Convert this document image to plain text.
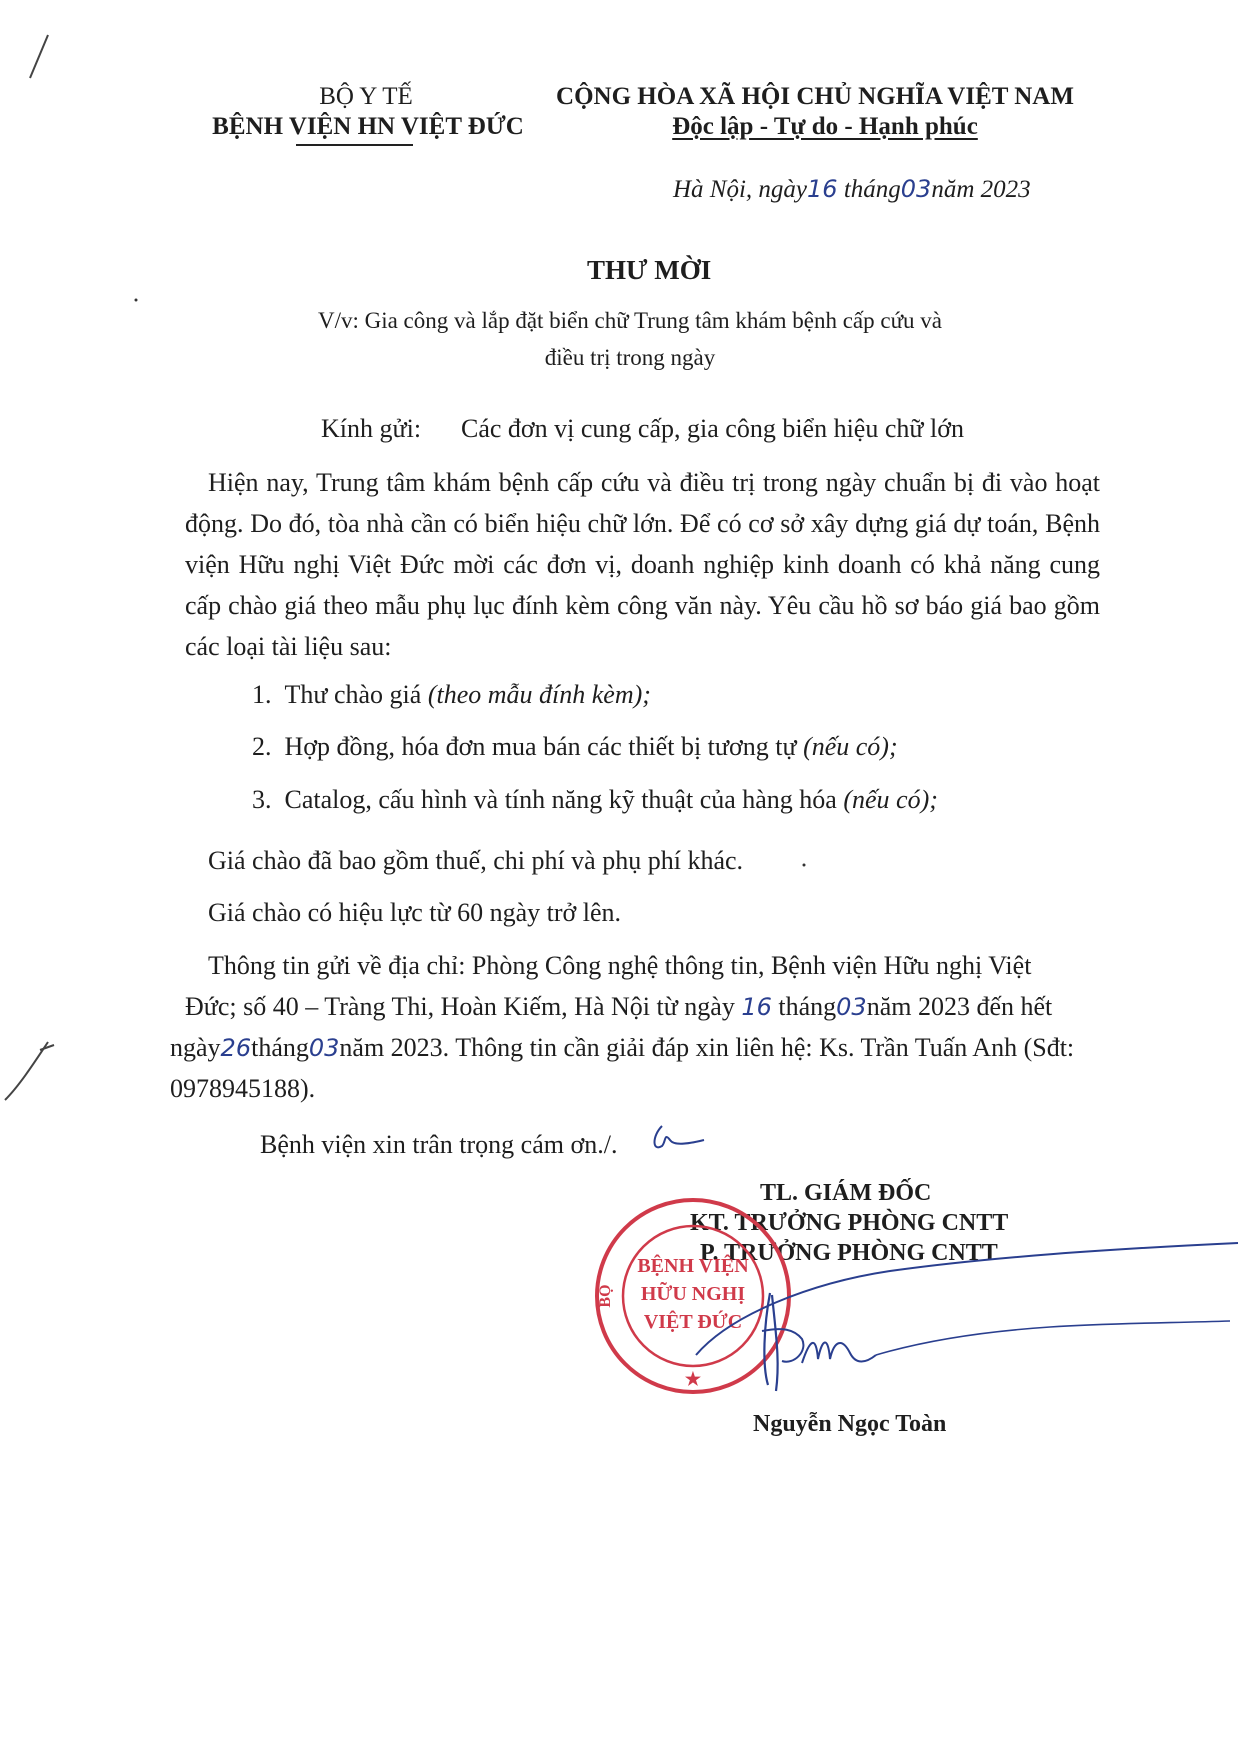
BỘ Y TẾ
BỆNH VIỆN HN VIỆT ĐỨC
CỘNG HÒA XÃ HỘI CHỦ NGHĨA VIỆT NAM
Độc lập - Tự do - Hạnh phúc
Hà Nội, ngày16 tháng03năm 2023
THƯ MỜI
V/v: Gia công và lắp đặt biển chữ Trung tâm khám bệnh cấp cứu và
điều trị trong ngày
Kính gửi: Các đơn vị cung cấp, gia công biển hiệu chữ lớn
Hiện nay, Trung tâm khám bệnh cấp cứu và điều trị trong ngày chuẩn bị đi vào hoạt động. Do đó, tòa nhà cần có biển hiệu chữ lớn. Để có cơ sở xây dựng giá dự toán, Bệnh viện Hữu nghị Việt Đức mời các đơn vị, doanh nghiệp kinh doanh có khả năng cung cấp chào giá theo mẫu phụ lục đính kèm công văn này. Yêu cầu hồ sơ báo giá bao gồm các loại tài liệu sau:
1. Thư chào giá (theo mẫu đính kèm);
2. Hợp đồng, hóa đơn mua bán các thiết bị tương tự (nếu có);
3. Catalog, cấu hình và tính năng kỹ thuật của hàng hóa (nếu có);
Giá chào đã bao gồm thuế, chi phí và phụ phí khác.
Giá chào có hiệu lực từ 60 ngày trở lên.
Thông tin gửi về địa chỉ: Phòng Công nghệ thông tin, Bệnh viện Hữu nghị Việt
Đức; số 40 – Tràng Thi, Hoàn Kiếm, Hà Nội từ ngày 16 tháng03năm 2023 đến hết
ngày26tháng03năm 2023. Thông tin cần giải đáp xin liên hệ: Ks. Trần Tuấn Anh (Sđt:
0978945188).
Bệnh viện xin trân trọng cám ơn./.
TL. GIÁM ĐỐC
KT. TRƯỞNG PHÒNG CNTT
P. TRƯỞNG PHÒNG CNTT
BỆNH VIỆN
HỮU NGHỊ
VIỆT ĐỨC
BỘ
★
Nguyễn Ngọc Toàn
